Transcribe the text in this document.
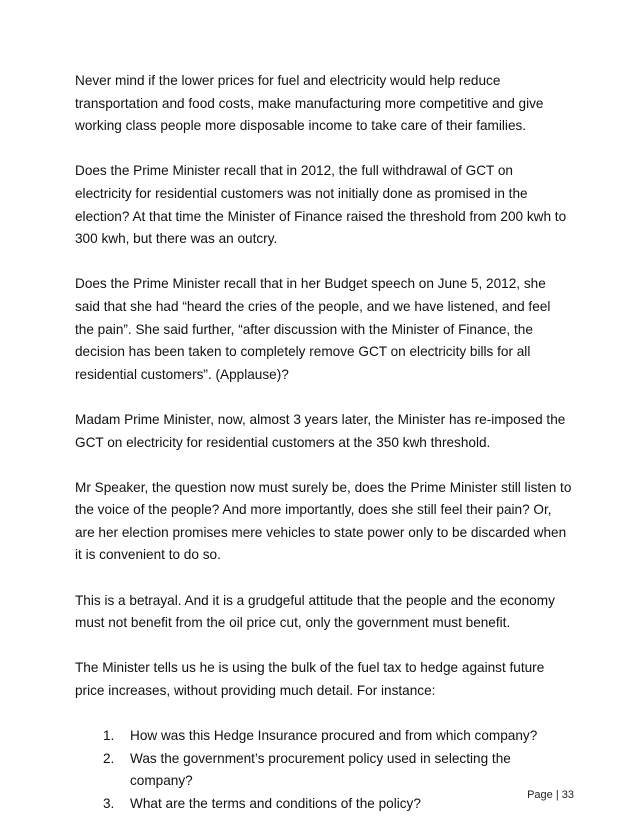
Never mind if the lower prices for fuel and electricity would help reduce transportation and food costs, make manufacturing more competitive and give working class people more disposable income to take care of their families.

Does the Prime Minister recall that in 2012, the full withdrawal of GCT on electricity for residential customers was not initially done as promised in the election? At that time the Minister of Finance raised the threshold from 200 kwh to 300 kwh, but there was an outcry.

Does the Prime Minister recall that in her Budget speech on June 5, 2012, she said that she had “heard the cries of the people, and we have listened, and feel the pain”. She said further, “after discussion with the Minister of Finance, the decision has been taken to completely remove GCT on electricity bills for all residential customers”. (Applause)?

Madam Prime Minister, now, almost 3 years later, the Minister has re-imposed the GCT on electricity for residential customers at the 350 kwh threshold.

Mr Speaker, the question now must surely be, does the Prime Minister still listen to the voice of the people? And more importantly, does she still feel their pain? Or, are her election promises mere vehicles to state power only to be discarded when it is convenient to do so.

This is a betrayal. And it is a grudgeful attitude that the people and the economy must not benefit from the oil price cut, only the government must benefit.

The Minister tells us he is using the bulk of the fuel tax to hedge against future price increases, without providing much detail. For instance:

1. How was this Hedge Insurance procured and from which company?
2. Was the government’s procurement policy used in selecting the company?
3. What are the terms and conditions of the policy?
Page | 33
